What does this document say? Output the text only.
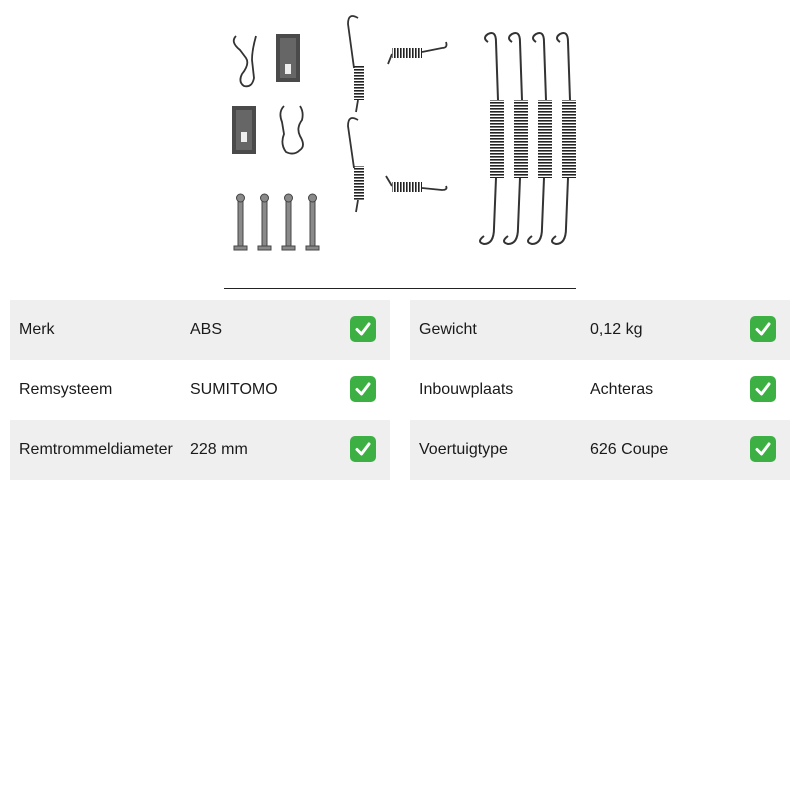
Merk	ABS
Remsysteem	SUMITOMO
Remtrommeldiameter 228 mm
Gewicht	0,12 kg
Inbouwplaats	Achteras
Voertuigtype	626 Coupe
